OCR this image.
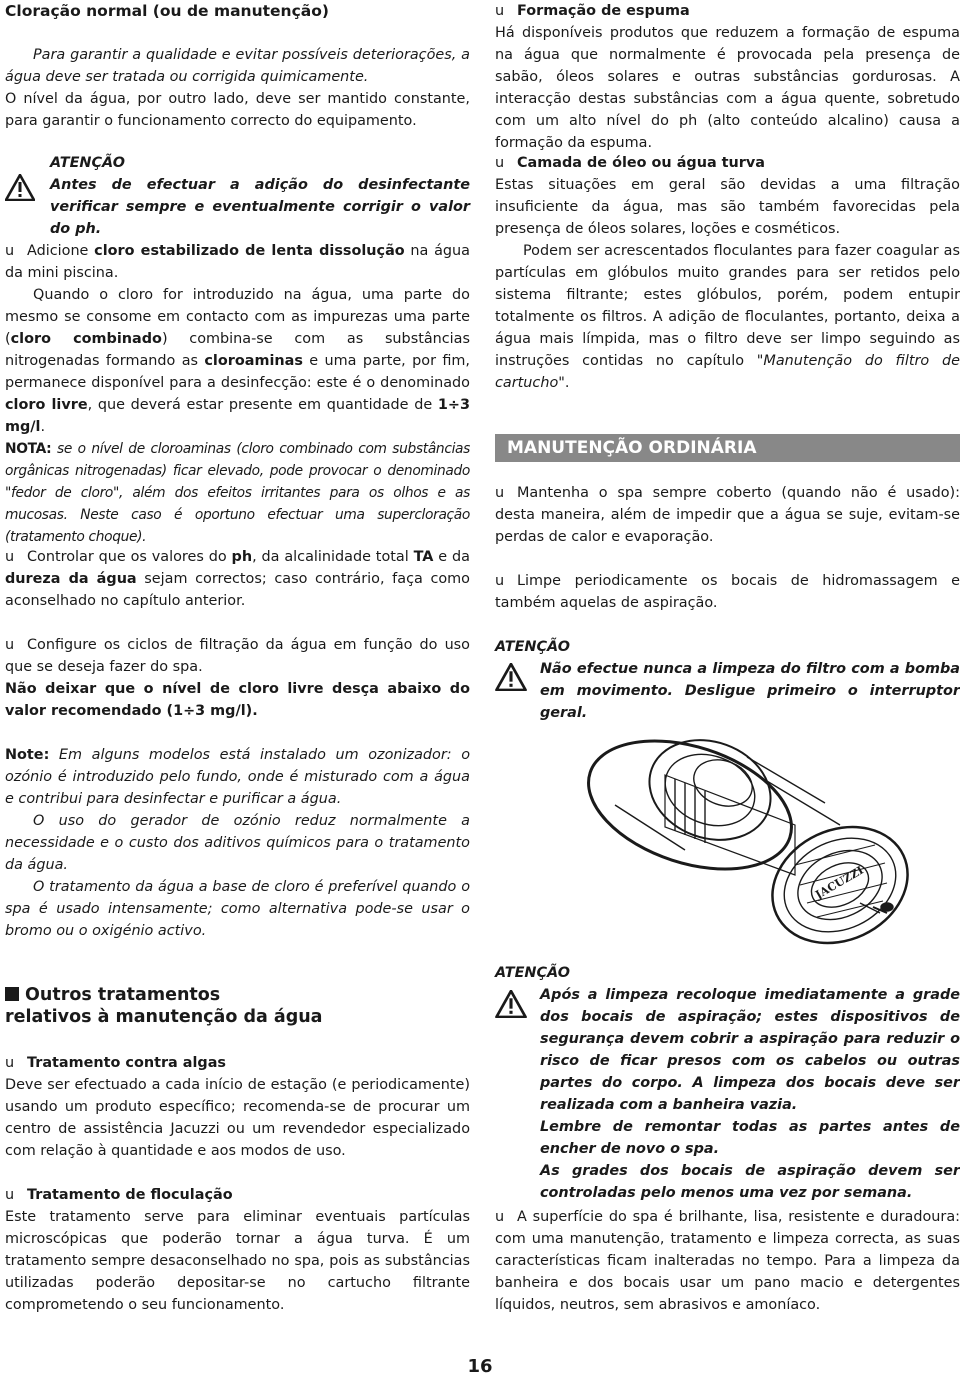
Cloração normal (ou de manutenção)

Para garantir a qualidade e evitar possíveis deteriorações, a água deve ser tratada ou corrigida quimicamente.

O nível da água, por outro lado, deve ser mantido constante, para garantir o funcionamento correcto do equipamento.

ATENÇÃO

Antes de efectuar a adição do desinfectante verificar sempre e eventualmente corrigir o valor do ph.

u Adicione cloro estabilizado de lenta dissolução na água da mini piscina.

Quando o cloro for introduzido na água, uma parte do mesmo se consome em contacto com as impurezas uma parte (cloro combinado) combina-se com as substâncias nitrogenadas formando as cloroaminas e uma parte, por fim, permanece disponível para a desinfecção: este é o denominado cloro livre, que deverá estar presente em quantidade de 1÷3 mg/l.

NOTA: se o nível de cloroaminas (cloro combinado com substâncias orgânicas nitrogenadas) ficar elevado, pode provocar o denominado "fedor de cloro", além dos efeitos irritantes para os olhos e as mucosas. Neste caso é oportuno efectuar uma supercloração (tratamento choque).

u Controlar que os valores do ph, da alcalinidade total TA e da dureza da água sejam correctos; caso contrário, faça como aconselhado no capítulo anterior.

u Configure os ciclos de filtração da água em função do uso que se deseja fazer do spa.
Não deixar que o nível de cloro livre desça abaixo do valor recomendado (1÷3 mg/l).

Note: Em alguns modelos está instalado um ozonizador: o ozónio é introduzido pelo fundo, onde é misturado com a água e contribui para desinfectar e purificar a água.

O uso do gerador de ozónio reduz normalmente a necessidade e o custo dos aditivos químicos para o tratamento da água.

O tratamento da água a base de cloro é preferível quando o spa é usado intensamente; como alternativa pode-se usar o bromo ou o oxigénio activo.

Outros tratamentos
relativos à manutenção da água
u Tratamento contra algas

Deve ser efectuado a cada início de estação (e periodicamente) usando um produto específico; recomenda-se de procurar um centro de assistência Jacuzzi ou um revendedor especializado com relação à quantidade e aos modos de uso.

u Tratamento de floculação

Este tratamento serve para eliminar eventuais partículas microscópicas que poderão tornar a água turva. É um tratamento sempre desaconselhado no spa, pois as substâncias utilizadas poderão depositar-se no cartucho filtrante comprometendo o seu funcionamento.

u Formação de espuma

Há disponíveis produtos que reduzem a formação de espuma na água que normalmente é provocada pela presença de sabão, óleos solares e outras substâncias gordurosas. A interacção destas substâncias com a água quente, sobretudo com um alto nível do ph (alto conteúdo alcalino) causa a formação da espuma.

u Camada de óleo ou água turva

Estas situações em geral são devidas a uma filtração insuficiente da água, mas são também favorecidas pela presença de óleos solares, loções e cosméticos.

Podem ser acrescentados floculantes para fazer coagular as partículas em glóbulos muito grandes para ser retidos pelo sistema filtrante; estes glóbulos, porém, podem entupir totalmente os filtros. A adição de floculantes, portanto, deixa a água mais límpida, mas o filtro deve ser limpo seguindo as instruções contidas no capítulo "Manutenção do filtro de cartucho".

MANUTENÇÃO ORDINÁRIA

u Mantenha o spa sempre coberto (quando não é usado): desta maneira, além de impedir que a água se suje, evitam-se perdas de calor e evaporação.

u Limpe periodicamente os bocais de hidromassagem e também aquelas de aspiração.

ATENÇÃO

Não efectue nunca a limpeza do filtro com a bomba em movimento. Desligue primeiro o interruptor geral.

ATENÇÃO

Após a limpeza recoloque imediatamente a grade dos bocais de aspiração; estes dispositivos de segurança devem cobrir a aspiração para reduzir o risco de ficar presos com os cabelos ou outras partes do corpo. A limpeza dos bocais deve ser realizada com a banheira vazia.

Lembre de remontar todas as partes antes de encher de novo o spa.

As grades dos bocais de aspiração devem ser controladas pelo menos uma vez por semana.

u A superfície do spa é brilhante, lisa, resistente e duradoura: com uma manutenção, tratamento e limpeza correcta, as suas características ficam inalteradas no tempo. Para a limpeza da banheira e dos bocais usar um pano macio e detergentes líquidos, neutros, sem abrasivos e amoníaco.

JACUZZI
16
